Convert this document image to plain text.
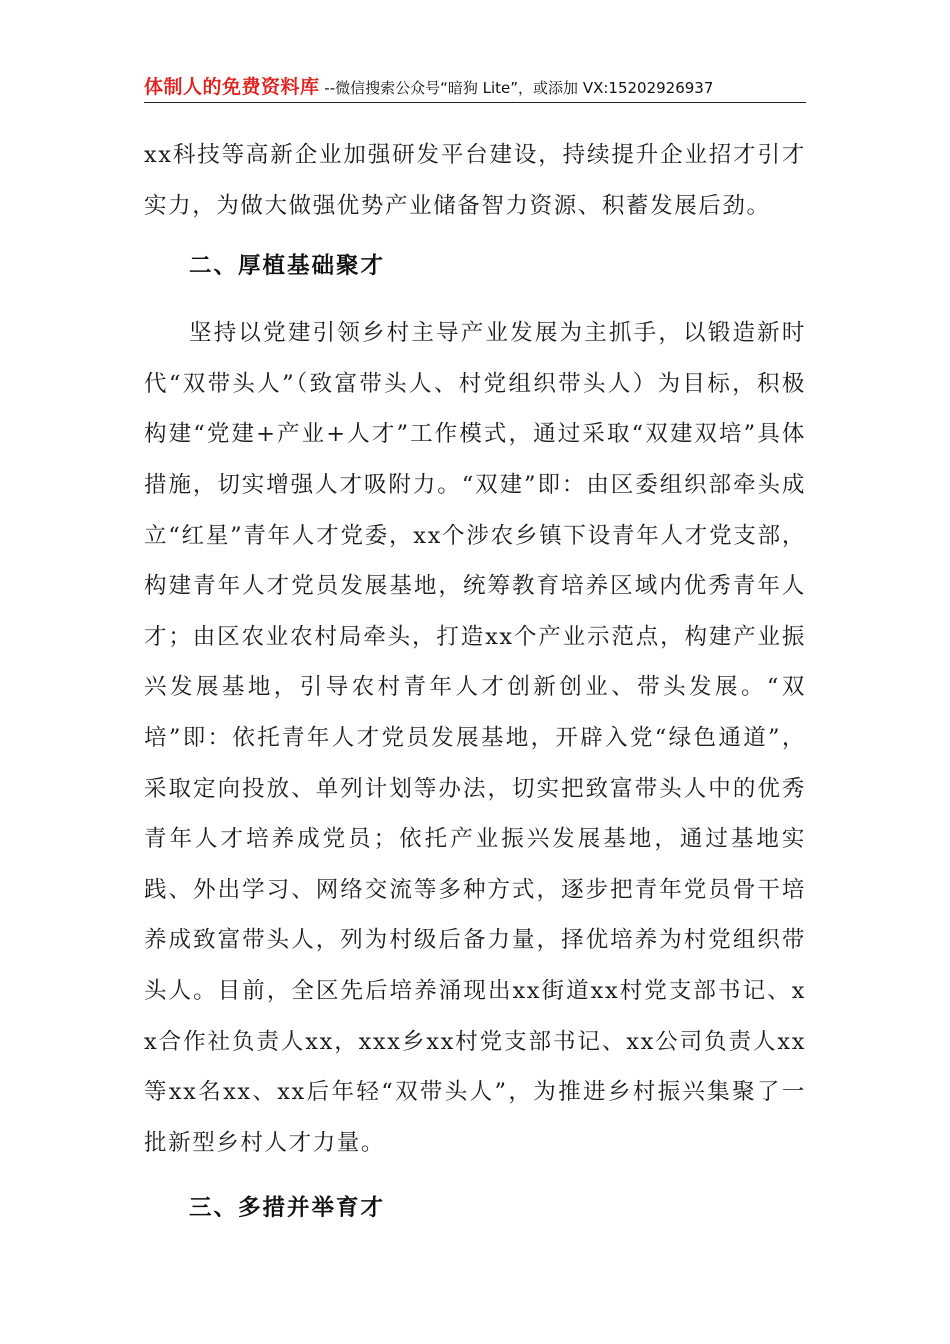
体制人的免费资料库 --微信搜索公众号“暗狗 Lite”，或添加 VX:15202926937

xx科技等高新企业加强研发平台建设，持续提升企业招才引才实力，为做大做强优势产业储备智力资源、积蓄发展后劲。

二、厚植基础聚才

坚持以党建引领乡村主导产业发展为主抓手，以锻造新时代“双带头人”（致富带头人、村党组织带头人）为目标，积极构建“党建+产业+人才”工作模式，通过采取“双建双培”具体措施，切实增强人才吸附力。“双建”即：由区委组织部牵头成立“红星”青年人才党委，xx个涉农乡镇下设青年人才党支部，构建青年人才党员发展基地，统筹教育培养区域内优秀青年人才；由区农业农村局牵头，打造xx个产业示范点，构建产业振兴发展基地，引导农村青年人才创新创业、带头发展。“双培”即：依托青年人才党员发展基地，开辟入党“绿色通道”，采取定向投放、单列计划等办法，切实把致富带头人中的优秀青年人才培养成党员；依托产业振兴发展基地，通过基地实践、外出学习、网络交流等多种方式，逐步把青年党员骨干培养成致富带头人，列为村级后备力量，择优培养为村党组织带头人。目前，全区先后培养涌现出xx街道xx村党支部书记、xx合作社负责人xx，xxx乡xx村党支部书记、xx公司负责人xx等xx名xx、xx后年轻“双带头人”，为推进乡村振兴集聚了一批新型乡村人才力量。

三、多措并举育才
